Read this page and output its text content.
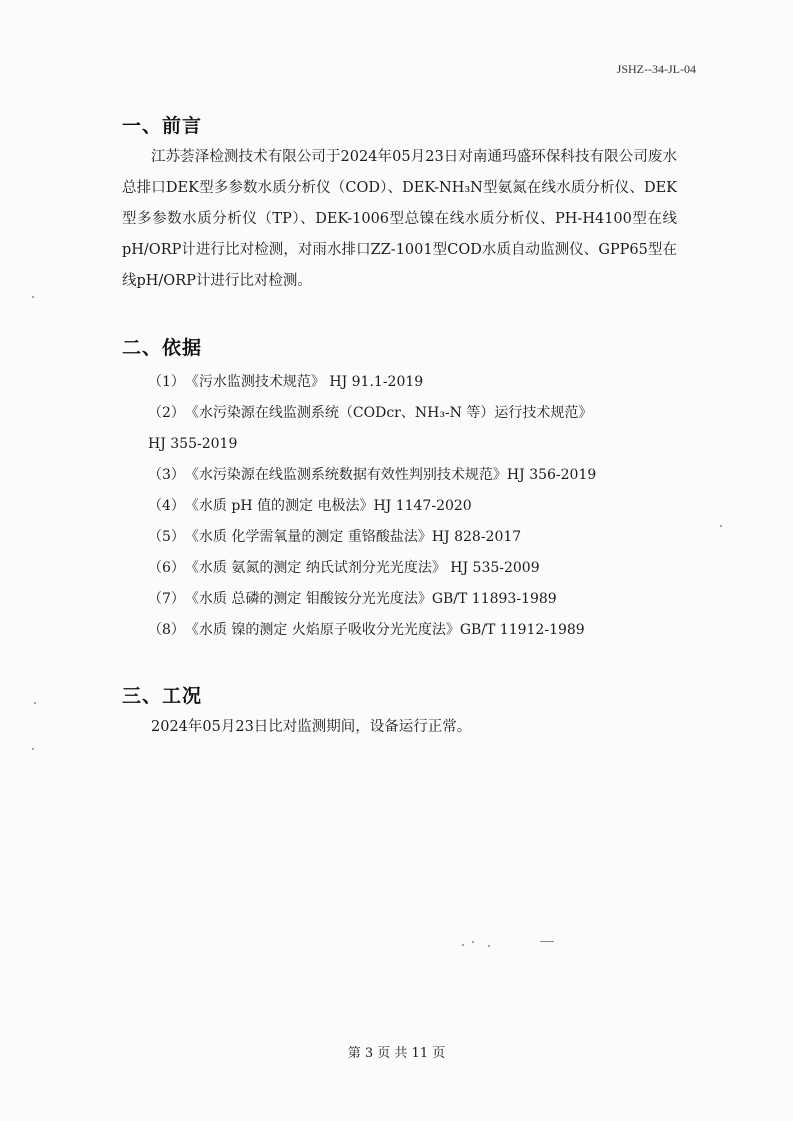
JSHZ--34-JL-04
一、前言
江苏荟泽检测技术有限公司于2024年05月23日对南通玛盛环保科技有限公司废水总排口DEK型多参数水质分析仪（COD）、DEK-NH₃N型氨氮在线水质分析仪、DEK型多参数水质分析仪（TP）、DEK-1006型总镍在线水质分析仪、PH-H4100型在线pH/ORP计进行比对检测，对雨水排口ZZ-1001型COD水质自动监测仪、GPP65型在线pH/ORP计进行比对检测。
二、依据
（1）《污水监测技术规范》 HJ 91.1-2019
（2）《水污染源在线监测系统（CODcr、NH₃-N 等）运行技术规范》
HJ 355-2019
（3）《水污染源在线监测系统数据有效性判别技术规范》HJ 356-2019
（4）《水质 pH 值的测定 电极法》HJ 1147-2020
（5）《水质 化学需氧量的测定 重铬酸盐法》HJ 828-2017
（6）《水质 氨氮的测定 纳氏试剂分光光度法》 HJ 535-2009
（7）《水质 总磷的测定 钼酸铵分光光度法》GB/T 11893-1989
（8）《水质 镍的测定 火焰原子吸收分光光度法》GB/T 11912-1989
三、工况
2024年05月23日比对监测期间，设备运行正常。
第 3 页 共 11 页
